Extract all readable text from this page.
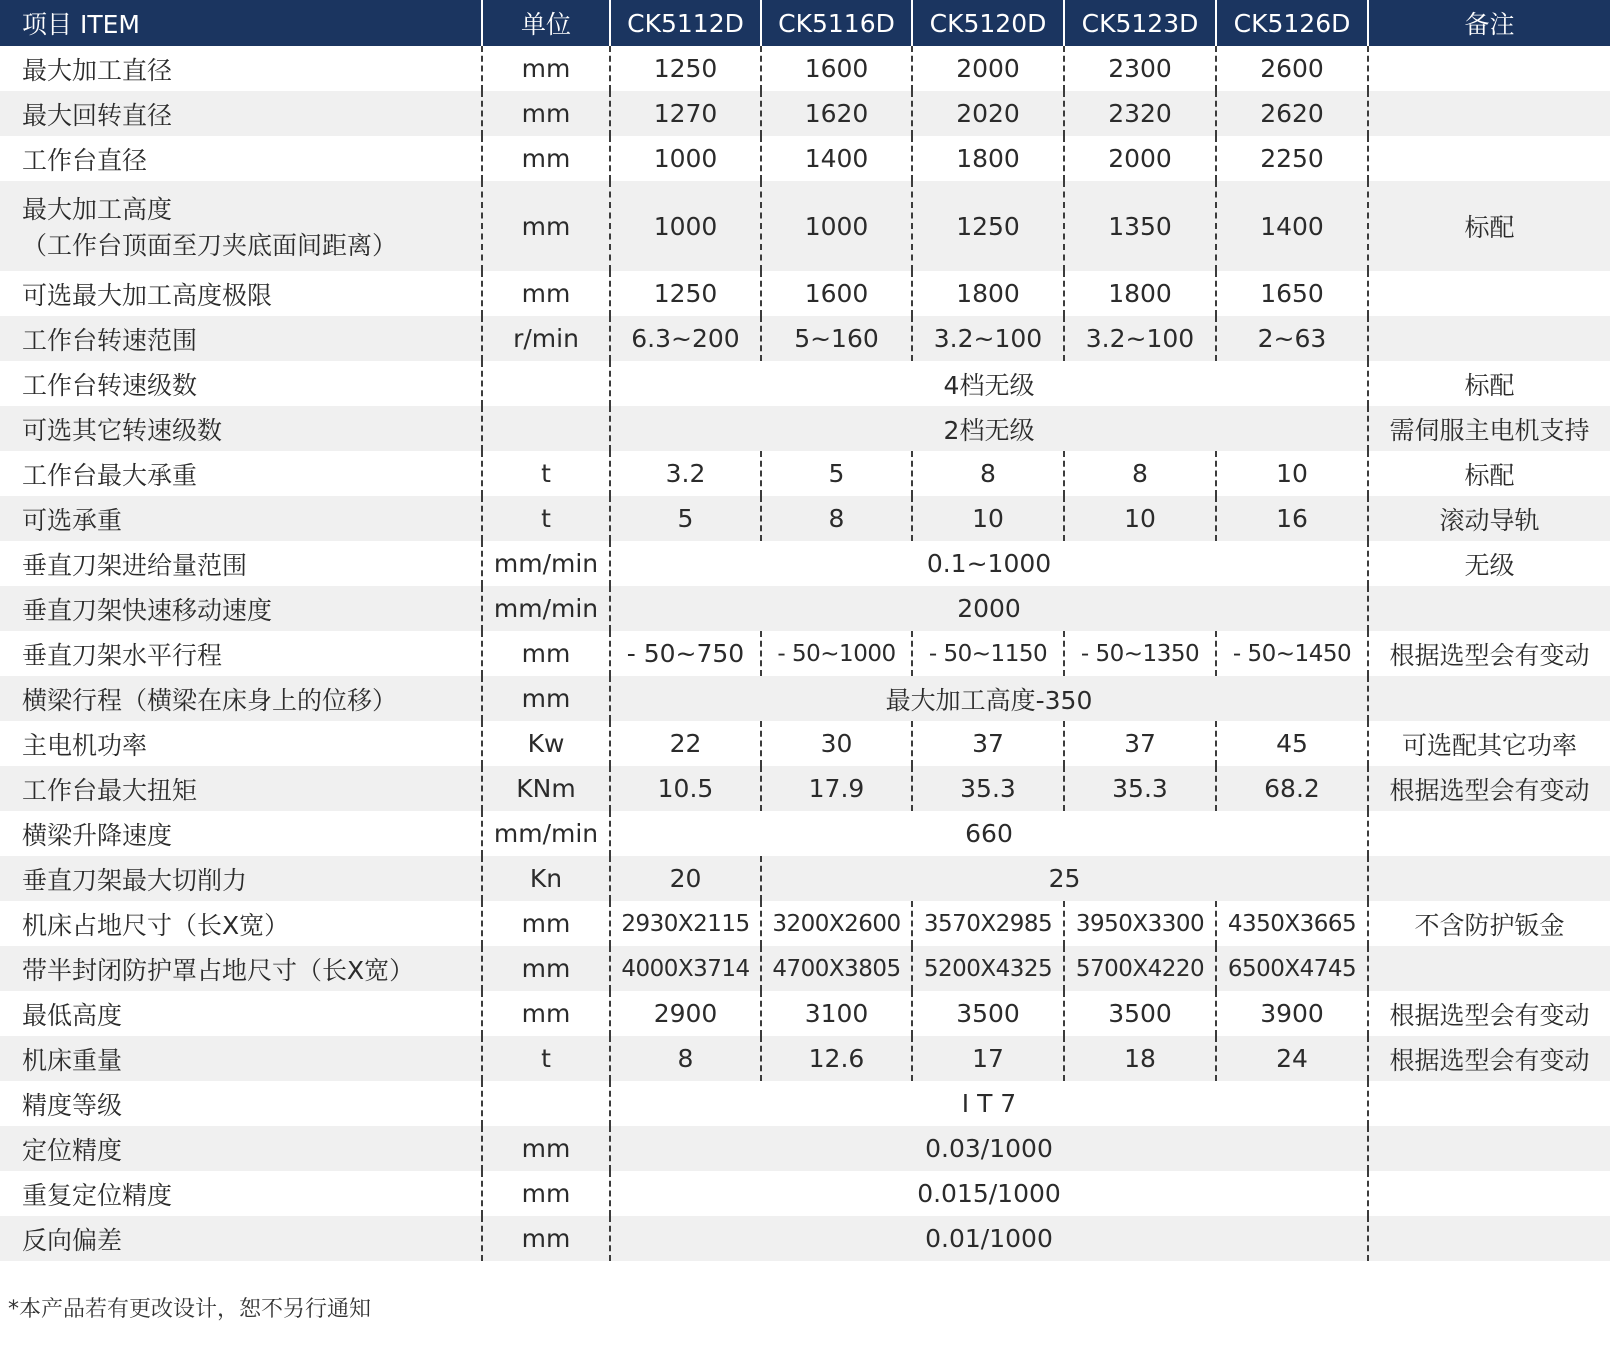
项目 ITEM	单位	CK5112D	CK5116D	CK5120D	CK5123D	CK5126D	备注
最大加工直径	mm	1250	1600	2000	2300	2600	
最大回转直径	mm	1270	1620	2020	2320	2620	
工作台直径	mm	1000	1400	1800	2000	2250	

最大加工高度
（工作台顶面至刀夹底面间距离）	mm	1000	1000	1250	1350	1400	标配
可选最大加工高度极限	mm	1250	1600	1800	1800	1650	
工作台转速范围	r/min	6.3~200	5~160	3.2~100	3.2~100	2~63	
工作台转速级数		4档无级					标配
可选其它转速级数		2档无级					需伺服主电机支持
工作台最大承重	t	3.2	5	8	8	10	标配
可选承重	t	5	8	10	10	16	滚动导轨
垂直刀架进给量范围	mm/min	0.1~1000					无级
垂直刀架快速移动速度	mm/min	2000					
垂直刀架水平行程	mm	- 50~750	- 50~1000	- 50~1150	- 50~1350	- 50~1450	根据选型会有变动
横梁行程（横梁在床身上的位移）	mm	最大加工高度-350					
主电机功率	Kw	22	30	37	37	45	可选配其它功率
工作台最大扭矩	KNm	10.5	17.9	35.3	35.3	68.2	根据选型会有变动
横梁升降速度	mm/min	660					
垂直刀架最大切削力	Kn	20	25				
机床占地尺寸（长X宽）	mm	2930X2115	3200X2600	3570X2985	3950X3300	4350X3665	不含防护钣金
带半封闭防护罩占地尺寸（长X宽）	mm	4000X3714	4700X3805	5200X4325	5700X4220	6500X4745	
最低高度	mm	2900	3100	3500	3500	3900	根据选型会有变动
机床重量	t	8	12.6	17	18	24	根据选型会有变动
精度等级		I T 7					
定位精度	mm	0.03/1000					
重复定位精度	mm	0.015/1000					
反向偏差	mm	0.01/1000					
*本产品若有更改设计，恕不另行通知
